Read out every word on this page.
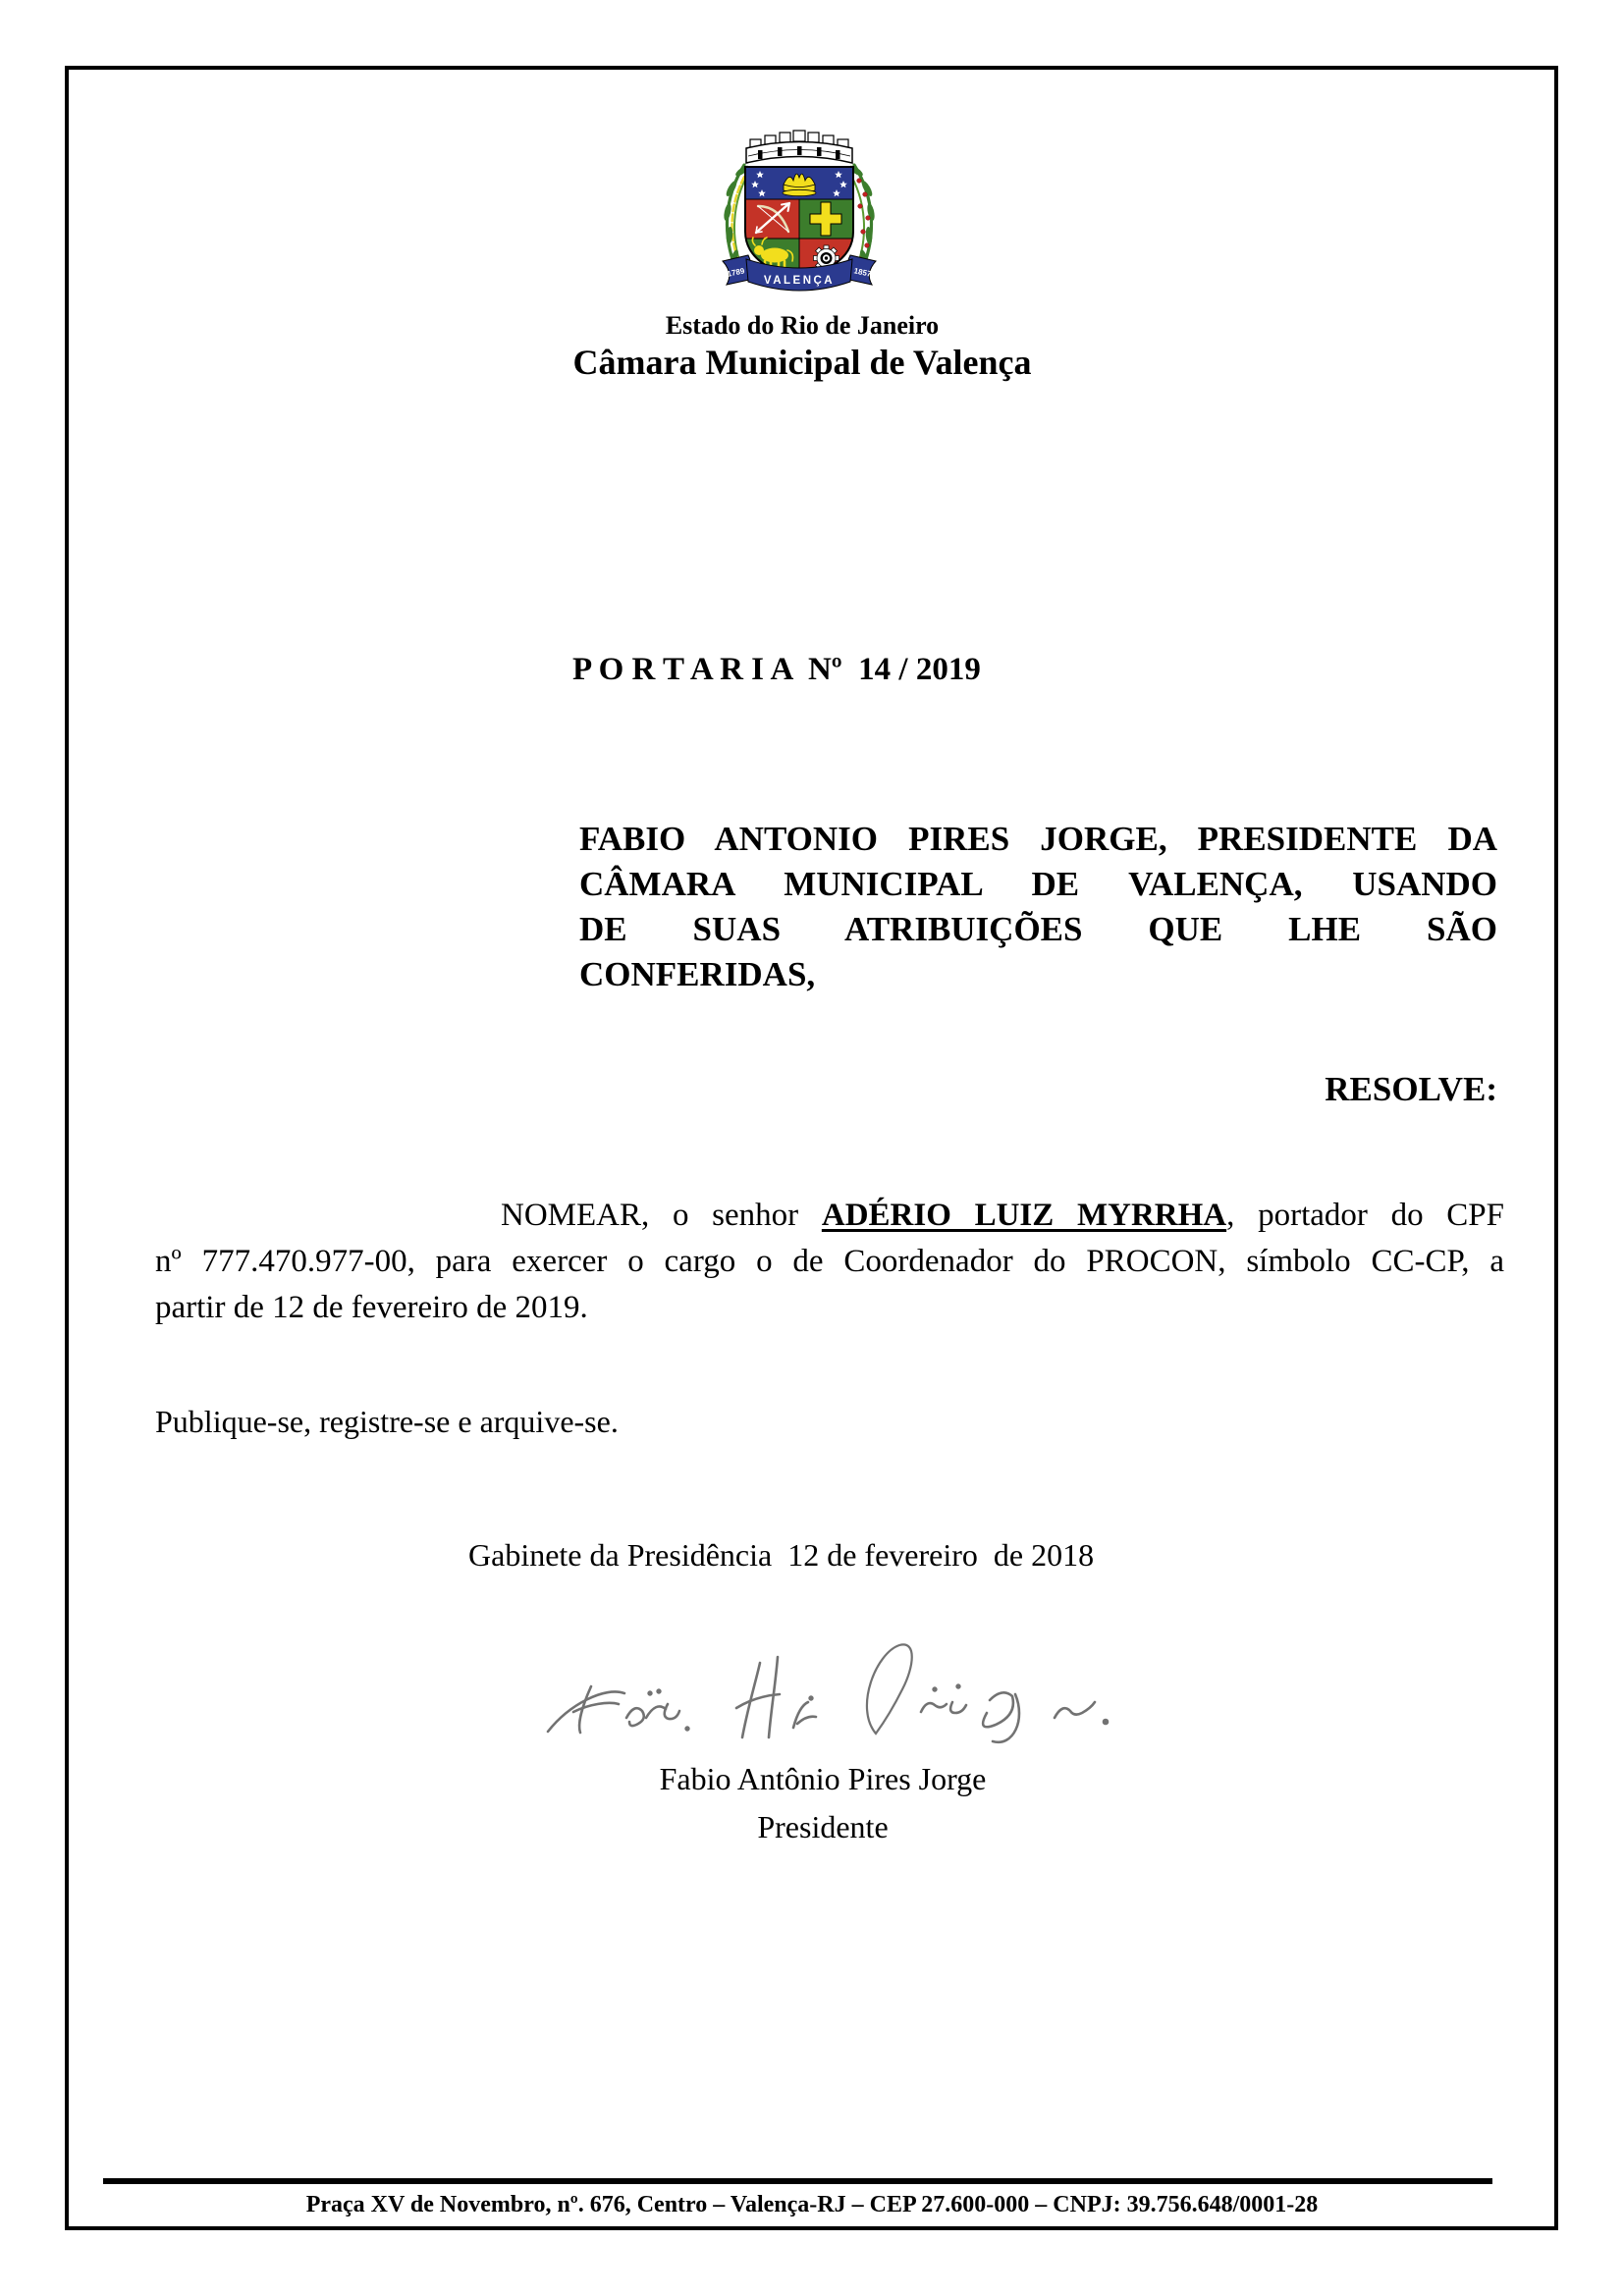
VALENÇA
1789	1857
Estado do Rio de Janeiro
Câmara Municipal de Valença
P O R T A R I A  Nº  14 / 2019
FABIO ANTONIO PIRES JORGE, PRESIDENTE DA
CÂMARA MUNICIPAL DE VALENÇA, USANDO
DE SUAS ATRIBUIÇÕES QUE LHE SÃO
CONFERIDAS,
RESOLVE:
NOMEAR, o senhor ADÉRIO LUIZ MYRRHA, portador do CPF
nº 777.470.977-00, para exercer o cargo o de Coordenador do PROCON, símbolo CC-CP, a
partir de 12 de fevereiro de 2019.
Publique-se, registre-se e arquive-se.
Gabinete da Presidência  12 de fevereiro  de 2018
Fabio Antônio Pires Jorge
Presidente
Praça XV de Novembro, nº. 676, Centro – Valença-RJ – CEP 27.600-000 – CNPJ: 39.756.648/0001-28
